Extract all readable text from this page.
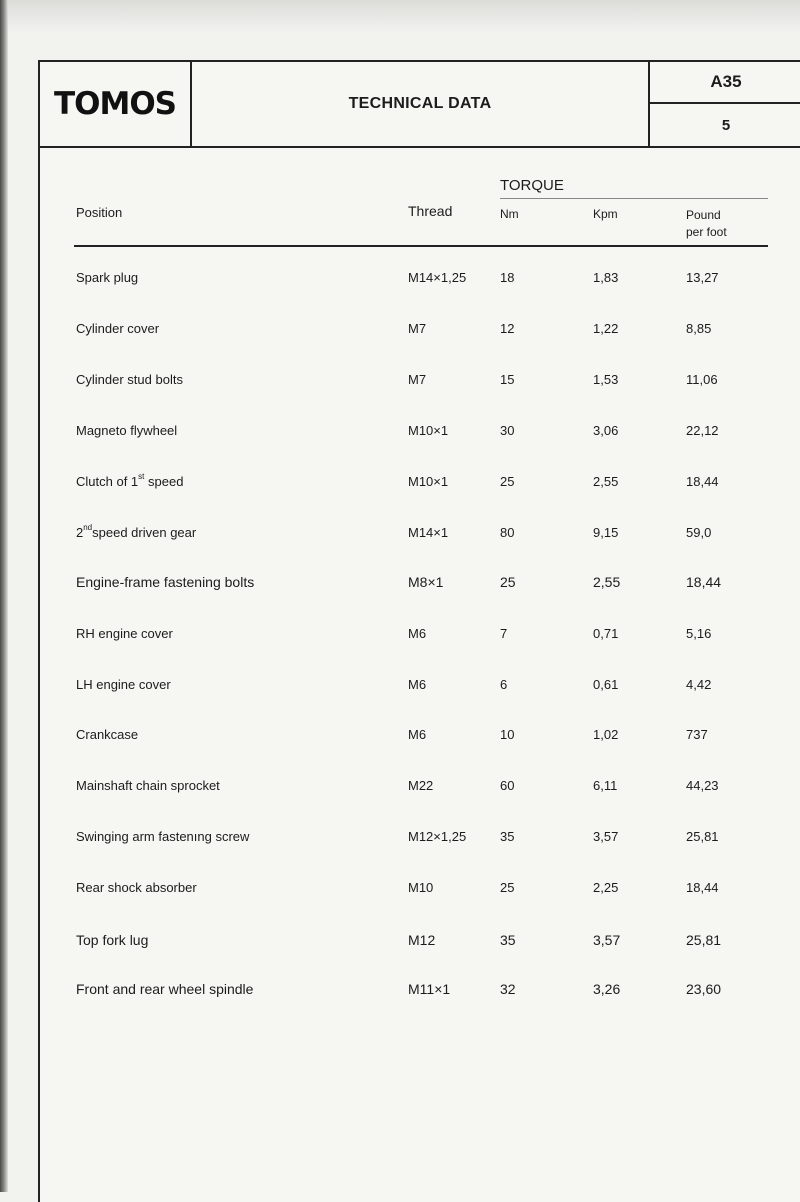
TOMOS	TECHNICAL DATA
A35
5
Position	Thread
TORQUE
Nm	Kpm	Pound
per foot
Spark plug	M14×1,25	18	1,83	13,27
Cylinder cover	M7	12	1,22	8,85
Cylinder stud bolts	M7	15	1,53	11,06
Magneto flywheel	M10×1	30	3,06	22,12
Clutch of 1st speed	M10×1	25	2,55	18,44
2ndspeed driven gear	M14×1	80	9,15	59,0
Engine-frame fastening bolts	M8×1	25	2,55	18,44
RH engine cover	M6	7	0,71	5,16
LH engine cover	M6	6	0,61	4,42
Crankcase	M6	10	1,02	737
Mainshaft chain sprocket	M22	60	6,11	44,23
Swinging arm fastenıng screw	M12×1,25	35	3,57	25,81
Rear shock absorber	M10	25	2,25	18,44
Top fork lug	M12	35	3,57	25,81
Front and rear wheel spindle	M11×1	32	3,26	23,60
